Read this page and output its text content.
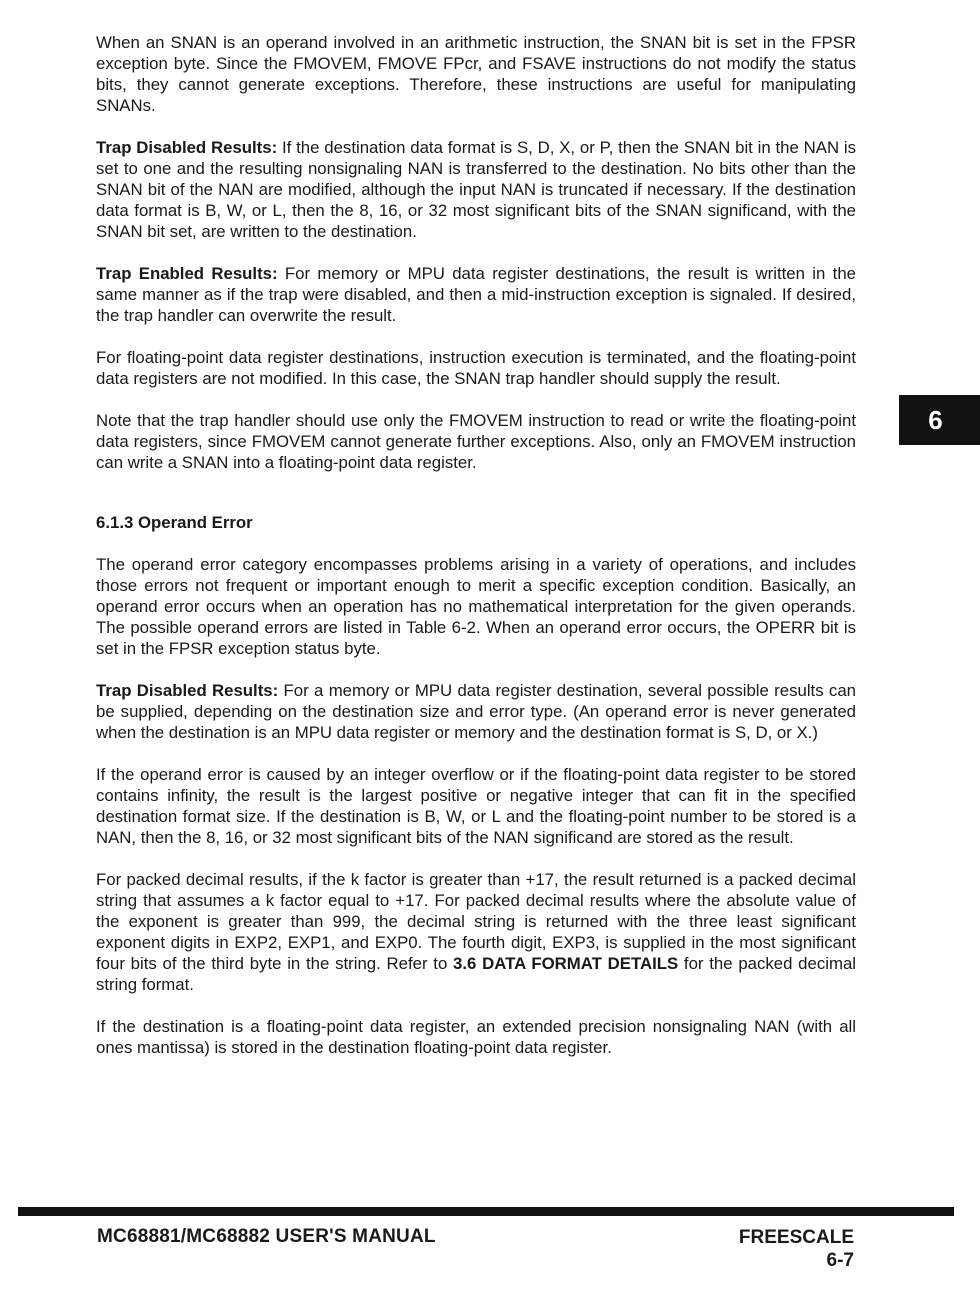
When an SNAN is an operand involved in an arithmetic instruction, the SNAN bit is set in the FPSR exception byte. Since the FMOVEM, FMOVE FPcr, and FSAVE instructions do not modify the status bits, they cannot generate exceptions. Therefore, these instructions are useful for manipulating SNANs.

Trap Disabled Results: If the destination data format is S, D, X, or P, then the SNAN bit in the NAN is set to one and the resulting nonsignaling NAN is transferred to the destination. No bits other than the SNAN bit of the NAN are modified, although the input NAN is truncated if necessary. If the destination data format is B, W, or L, then the 8, 16, or 32 most significant bits of the SNAN significand, with the SNAN bit set, are written to the destination.

Trap Enabled Results: For memory or MPU data register destinations, the result is written in the same manner as if the trap were disabled, and then a mid-instruction exception is signaled. If desired, the trap handler can overwrite the result.

For floating-point data register destinations, instruction execution is terminated, and the floating-point data registers are not modified. In this case, the SNAN trap handler should supply the result.

Note that the trap handler should use only the FMOVEM instruction to read or write the floating-point data registers, since FMOVEM cannot generate further exceptions. Also, only an FMOVEM instruction can write a SNAN into a floating-point data register.

6.1.3 Operand Error

The operand error category encompasses problems arising in a variety of operations, and includes those errors not frequent or important enough to merit a specific exception condition. Basically, an operand error occurs when an operation has no mathematical interpretation for the given operands. The possible operand errors are listed in Table 6-2. When an operand error occurs, the OPERR bit is set in the FPSR exception status byte.

Trap Disabled Results: For a memory or MPU data register destination, several possible results can be supplied, depending on the destination size and error type. (An operand error is never generated when the destination is an MPU data register or memory and the destination format is S, D, or X.)

If the operand error is caused by an integer overflow or if the floating-point data register to be stored contains infinity, the result is the largest positive or negative integer that can fit in the specified destination format size. If the destination is B, W, or L and the floating-point number to be stored is a NAN, then the 8, 16, or 32 most significant bits of the NAN significand are stored as the result.

For packed decimal results, if the k factor is greater than +17, the result returned is a packed decimal string that assumes a k factor equal to +17. For packed decimal results where the absolute value of the exponent is greater than 999, the decimal string is returned with the three least significant exponent digits in EXP2, EXP1, and EXP0. The fourth digit, EXP3, is supplied in the most significant four bits of the third byte in the string. Refer to 3.6 DATA FORMAT DETAILS for the packed decimal string format.

If the destination is a floating-point data register, an extended precision nonsignaling NAN (with all ones mantissa) is stored in the destination floating-point data register.

6
MC68881/MC68882 USER'S MANUAL	FREESCALE
6-7
